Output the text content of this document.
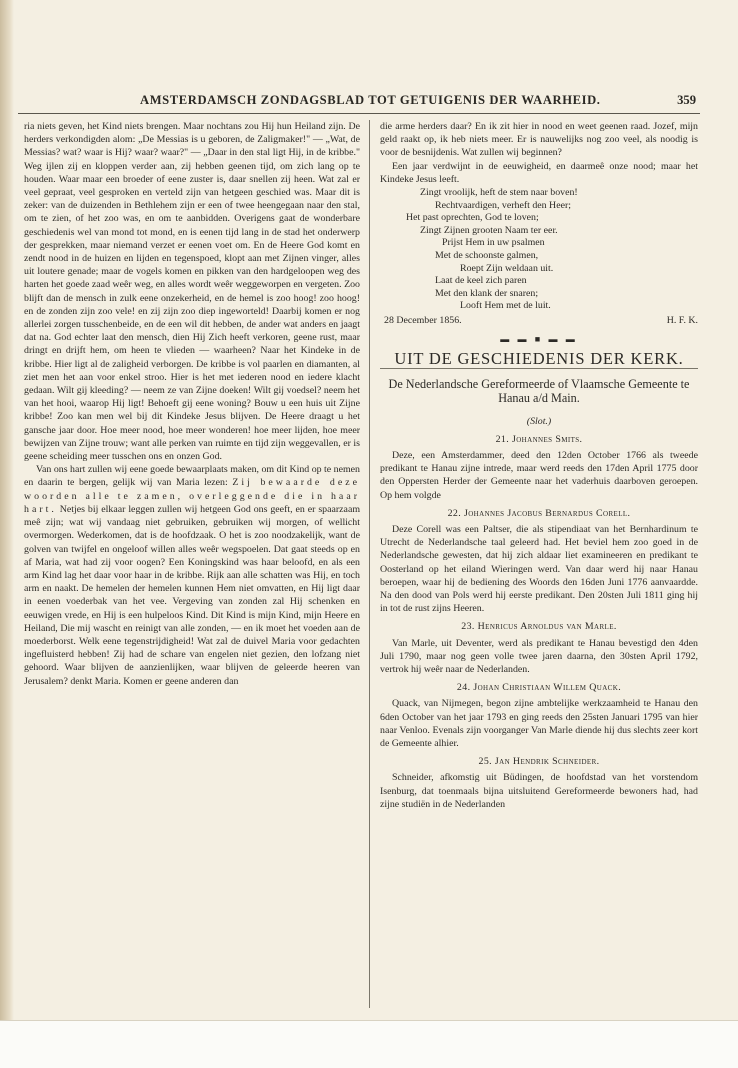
AMSTERDAMSCH ZONDAGSBLAD TOT GETUIGENIS DER WAARHEID.	359

ria niets geven, het Kind niets brengen. Maar nochtans zou Hij hun Heiland zijn. De herders verkondigden alom: „De Messias is u geboren, de Zaligmaker!" — „Wat, de Messias? wat? waar is Hij? waar? waar?" — „Daar in den stal ligt Hij, in de kribbe." Weg ijlen zij en kloppen verder aan, zij hebben geenen tijd, om zich lang op te houden. Waar maar een broeder of eene zuster is, daar snellen zij heen. Wat zal er veel gepraat, veel gesproken en verteld zijn van hetgeen geschied was. Maar dit is zeker: van de duizenden in Bethlehem zijn er een of twee heengegaan naar den stal, om te zien, of het zoo was, en om te aanbidden. Overigens gaat de wonderbare geschiedenis wel van mond tot mond, en is eenen tijd lang in de stad het onderwerp der gesprekken, maar niemand verzet er eenen voet om. En de Heere God komt en zendt nood in de huizen en lijden en tegenspoed, klopt aan met Zijnen vinger, alles uit loutere genade; maar de vogels komen en pikken van den hardgeloopen weg des harten het goede zaad weêr weg, en alles wordt weêr weggeworpen en vergeten. Zoo blijft dan de mensch in zulk eene onzekerheid, en de hemel is zoo hoog! zoo hoog! en de zonden zijn zoo vele! en zij zijn zoo diep ingeworteld! Daarbij komen er nog allerlei zorgen tusschenbeide, en de een wil dit hebben, de ander wat anders en jaagt dat na. God echter laat den mensch, dien Hij Zich heeft verkoren, geene rust, maar dringt en drijft hem, om heen te vlieden — waarheen? Naar het Kindeke in de kribbe. Hier ligt al de zaligheid verborgen. De kribbe is vol paarlen en diamanten, al ziet men het aan voor enkel stroo. Hier is het met iederen nood en iedere klacht gedaan. Wilt gij kleeding? — neem ze van Zijne doeken! Wilt gij voedsel? neem het van het hooi, waarop Hij ligt! Behoeft gij eene woning? Bouw u een huis uit Zijne kribbe! Zoo kan men wel bij dit Kindeke Jesus blijven. De Heere draagt u het gansche jaar door. Hoe meer nood, hoe meer wonderen! hoe meer lijden, hoe meer bewijzen van Zijne trouw; want alle perken van ruimte en tijd zijn weggevallen, er is geene scheiding meer tusschen ons en onzen God.

Van ons hart zullen wij eene goede bewaarplaats maken, om dit Kind op te nemen en daarin te bergen, gelijk wij van Maria lezen: Zij bewaarde deze woorden alle te zamen, overleggende die in haar hart. Netjes bij elkaar leggen zullen wij hetgeen God ons geeft, en er spaarzaam meê zijn; wat wij vandaag niet gebruiken, gebruiken wij morgen, of wellicht overmorgen. Wederkomen, dat is de hoofdzaak. O het is zoo noodzakelijk, want de golven van twijfel en ongeloof willen alles weêr wegspoelen. Dat gaat steeds op en af Maria, wat had zij voor oogen? Een Koningskind was haar beloofd, en als een arm Kind lag het daar voor haar in de kribbe. Rijk aan alle schatten was Hij, en toch arm en naakt. De hemelen der hemelen kunnen Hem niet omvatten, en Hij ligt daar in eenen voederbak van het vee. Vergeving van zonden zal Hij schenken en eeuwigen vrede, en Hij is een hulpeloos Kind. Dit Kind is mijn Kind, mijn Heere en Heiland, Die mij wascht en reinigt van alle zonden, — en ik moet het voeden aan de moederborst. Welk eene tegenstrijdigheid! Wat zal de duivel Maria voor gedachten ingefluisterd hebben! Zij had de schare van engelen niet gezien, den lofzang niet gehoord. Waar blijven de aanzienlijken, waar blijven de geleerde heeren van Jerusalem? denkt Maria. Komen er geene anderen dan

die arme herders daar? En ik zit hier in nood en weet geenen raad. Jozef, mijn geld raakt op, ik heb niets meer. Er is nauwelijks nog zoo veel, als noodig is voor de besnijdenis. Wat zullen wij beginnen?

Een jaar verdwijnt in de eeuwigheid, en daarmeê onze nood; maar het Kindeke Jesus leeft.

Zingt vroolijk, heft de stem naar boven!
Rechtvaardigen, verheft den Heer;
Het past oprechten, God te loven;
Zingt Zijnen grooten Naam ter eer.
Prijst Hem in uw psalmen
Met de schoonste galmen,
Roept Zijn weldaan uit.
Laat de keel zich paren
Met den klank der snaren;
Looft Hem met de luit.
28 December 1856.	H. F. K.
▬ ▬ ■ ▬ ▬
UIT DE GESCHIEDENIS DER KERK.
De Nederlandsche Gereformeerde of Vlaamsche Gemeente te Hanau a/d Main.
(Slot.)
21. Johannes Smits.

Deze, een Amsterdammer, deed den 12den October 1766 als tweede predikant te Hanau zijne intrede, maar werd reeds den 17den April 1775 door den Oppersten Herder der Gemeente naar het vaderhuis daarboven geroepen. Op hem volgde

22. Johannes Jacobus Bernardus Corell.

Deze Corell was een Paltser, die als stipendiaat van het Bernhardinum te Utrecht de Nederlandsche taal geleerd had. Het beviel hem zoo goed in de Nederlandsche gewesten, dat hij zich aldaar liet examineeren en predikant te Oosterland op het eiland Wieringen werd. Van daar werd hij naar Hanau beroepen, waar hij de bediening des Woords den 16den Juni 1776 aanvaardde. Na den dood van Pols werd hij eerste predikant. Den 20sten Juli 1811 ging hij in tot de rust zijns Heeren.

23. Henricus Arnoldus van Marle.

Van Marle, uit Deventer, werd als predikant te Hanau bevestigd den 4den Juli 1790, maar nog geen volle twee jaren daarna, den 30sten April 1792, vertrok hij weêr naar de Nederlanden.

24. Johan Christiaan Willem Quack.

Quack, van Nijmegen, begon zijne ambtelijke werkzaamheid te Hanau den 6den October van het jaar 1793 en ging reeds den 25sten Januari 1795 van hier naar Venloo. Evenals zijn voorganger Van Marle diende hij dus slechts zeer kort de Gemeente alhier.

25. Jan Hendrik Schneider.

Schneider, afkomstig uit Büdingen, de hoofdstad van het vorstendom Isenburg, dat toenmaals bijna uitsluitend Gereformeerde bewoners had, had zijne studiën in de Nederlanden
